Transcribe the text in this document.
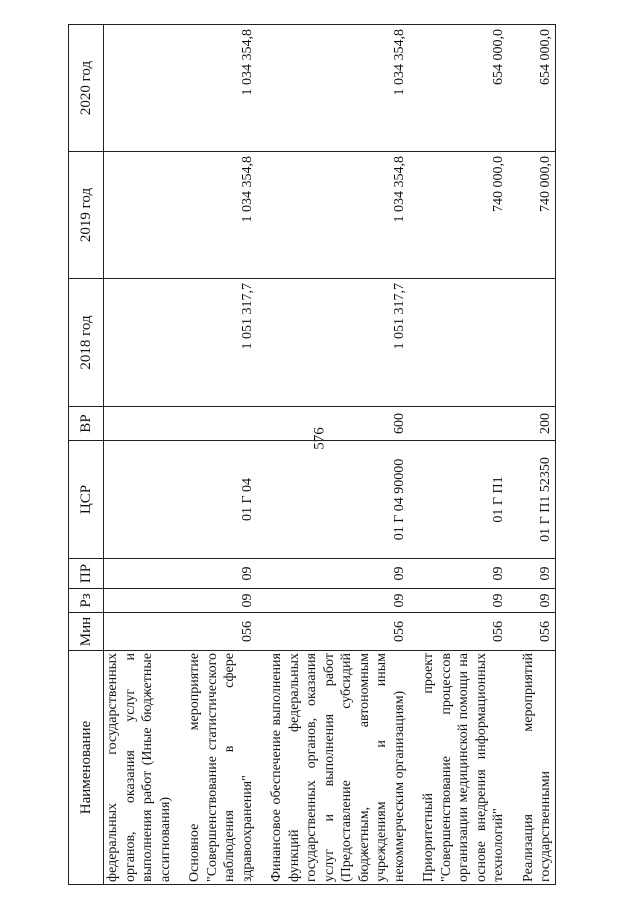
576
Наименование	Мин	Рз	ПР	ЦСР	ВР	2018 год	2019 год	2020 год
федеральных государственных органов, оказания услуг и выполнения работ (Иные бюджетные ассигнования)								

Основное мероприятие "Совершенствование статистического наблюдения в сфере здравоохранения"	056	09	09	01 Г 04		1 051 317,7	1 034 354,8	1 034 354,8

Финансовое обеспечение выполнения функций федеральных государственных органов, оказания услуг и выполнения работ (Предоставление субсидий бюджетным, автономным учреждениям и иным некоммерческим организациям)	056	09	09	01 Г 04 90000	600	1 051 317,7	1 034 354,8	1 034 354,8

Приоритетный проект "Совершенствование процессов организации медицинской помощи на основе внедрения информационных технологий"	056	09	09	01 Г П1			740 000,0	654 000,0

Реализация мероприятий государственными	056	09	09	01 Г П1 52350	200		740 000,0	654 000,0
